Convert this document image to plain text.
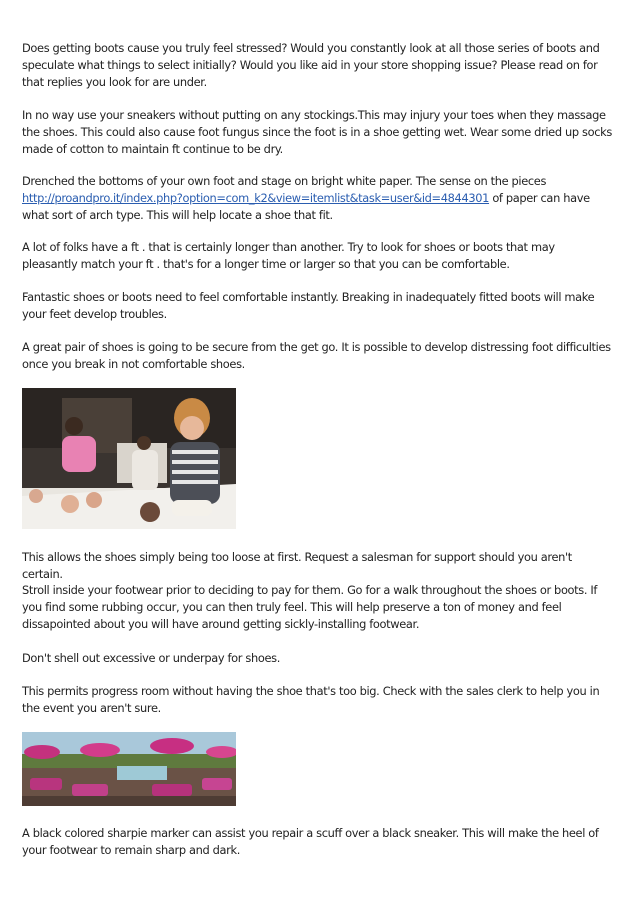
Does getting boots cause you truly feel stressed? Would you constantly look at all those series of boots and speculate what things to select initially? Would you like aid in your store shopping issue? Please read on for that replies you look for are under.

In no way use your sneakers without putting on any stockings.This may injury your toes when they massage the shoes. This could also cause foot fungus since the foot is in a shoe getting wet. Wear some dried up socks made of cotton to maintain ft continue to be dry.

Drenched the bottoms of your own foot and stage on bright white paper. The sense on the pieces http://proandpro.it/index.php?option=com_k2&view=itemlist&task=user&id=4844301 of paper can have what sort of arch type. This will help locate a shoe that fit.

A lot of folks have a ft . that is certainly longer than another. Try to look for shoes or boots that may pleasantly match your ft . that's for a longer time or larger so that you can be comfortable.

Fantastic shoes or boots need to feel comfortable instantly. Breaking in inadequately fitted boots will make your feet develop troubles.

A great pair of shoes is going to be secure from the get go. It is possible to develop distressing foot difficulties once you break in not comfortable shoes.

This allows the shoes simply being too loose at first. Request a salesman for support should you aren't certain.

Stroll inside your footwear prior to deciding to pay for them. Go for a walk throughout the shoes or boots. If you find some rubbing occur, you can then truly feel. This will help preserve a ton of money and feel dissapointed about you will have around getting sickly-installing footwear.

Don't shell out excessive or underpay for shoes.

This permits progress room without having the shoe that's too big. Check with the sales clerk to help you in the event you aren't sure.

A black colored sharpie marker can assist you repair a scuff over a black sneaker. This will make the heel of your footwear to remain sharp and dark.
